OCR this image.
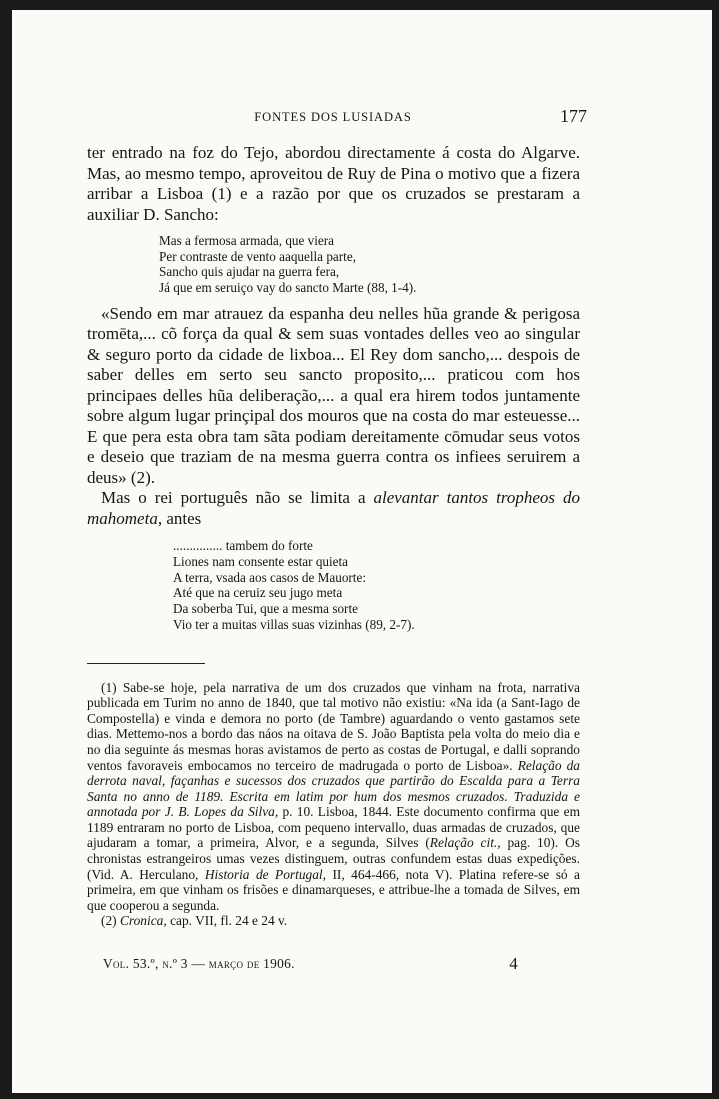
FONTES DOS LUSIADAS	177

ter entrado na foz do Tejo, abordou directamente á costa do Algarve. Mas, ao mesmo tempo, aproveitou de Ruy de Pina o motivo que a fizera arribar a Lisboa (1) e a razão por que os cruzados se prestaram a auxiliar D. Sancho:

Mas a fermosa armada, que viera
Per contraste de vento aaquella parte,
Sancho quis ajudar na guerra fera,
Já que em seruiço vay do sancto Marte (88, 1-4).

«Sendo em mar atrauez da espanha deu nelles hũa grande & perigosa tromēta,... cõ força da qual & sem suas vontades delles veo ao singular & seguro porto da cidade de lixboa... El Rey dom sancho,... despois de saber delles em serto seu sancto proposito,... praticou com hos principaes delles hũa deliberação,... a qual era hirem todos juntamente sobre algum lugar prinçipal dos mouros que na costa do mar esteuesse... E que pera esta obra tam sãta podiam dereitamente cōmudar seus votos e deseio que traziam de na mesma guerra contra os infiees seruirem a deus» (2).

Mas o rei português não se limita a alevantar tantos tropheos do mahometa, antes

............... tambem do forte
Liones nam consente estar quieta
A terra, vsada aos casos de Mauorte:
Até que na ceruiz seu jugo meta
Da soberba Tui, que a mesma sorte
Vio ter a muitas villas suas vizinhas (89, 2-7).

(1) Sabe-se hoje, pela narrativa de um dos cruzados que vinham na frota, narrativa publicada em Turim no anno de 1840, que tal motivo não existiu: «Na ida (a Sant-Iago de Compostella) e vinda e demora no porto (de Tambre) aguardando o vento gastamos sete dias. Mettemo-nos a bordo das náos na oitava de S. João Baptista pela volta do meio dia e no dia seguinte ás mesmas horas avistamos de perto as costas de Portugal, e dalli soprando ventos favoraveis embocamos no terceiro de madrugada o porto de Lisboa». Relação da derrota naval, façanhas e sucessos dos cruzados que partirão do Escalda para a Terra Santa no anno de 1189. Escrita em latim por hum dos mesmos cruzados. Traduzida e annotada por J. B. Lopes da Silva, p. 10. Lisboa, 1844. Este documento confirma que em 1189 entraram no porto de Lisboa, com pequeno intervallo, duas armadas de cruzados, que ajudaram a tomar, a primeira, Alvor, e a segunda, Silves (Relação cit., pag. 10). Os chronistas estrangeiros umas vezes distinguem, outras confundem estas duas expedições. (Vid. A. Herculano, Historia de Portugal, II, 464-466, nota V). Platina refere-se só a primeira, em que vinham os frisões e dinamarqueses, e attribue-lhe a tomada de Silves, em que cooperou a segunda.

(2) Cronica, cap. VII, fl. 24 e 24 v.

Vol. 53.º, n.º 3 — março de 1906.	4
